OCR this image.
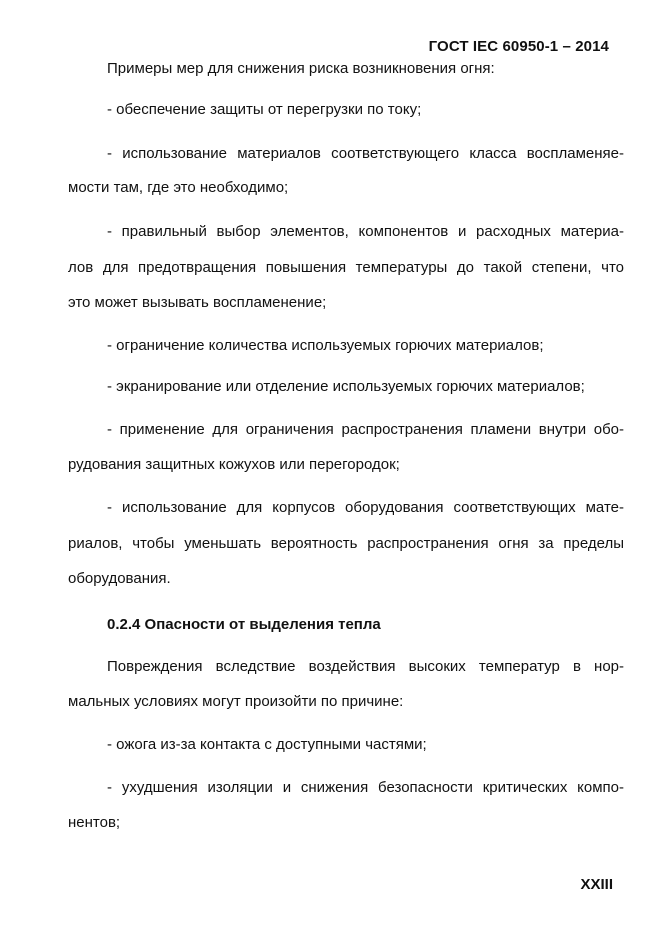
ГОСТ IEC 60950-1 – 2014
Примеры мер для снижения риска возникновения огня:
- обеспечение защиты от перегрузки по току;
- использование материалов соответствующего класса воспламеняе-
мости там, где это необходимо;
- правильный выбор элементов, компонентов и расходных материа-
лов для предотвращения повышения температуры до такой степени, что
это может вызывать воспламенение;
- ограничение количества используемых горючих материалов;
- экранирование или отделение используемых горючих материалов;
- применение для ограничения распространения пламени внутри обо-
рудования защитных кожухов или перегородок;
- использование для корпусов оборудования соответствующих мате-
риалов, чтобы уменьшать вероятность распространения огня за пределы
оборудования.
0.2.4 Опасности от выделения тепла
Повреждения вследствие воздействия высоких температур в нор-
мальных условиях могут произойти по причине:
- ожога из-за контакта с доступными частями;
- ухудшения изоляции и снижения безопасности критических компо-
нентов;
XXIII
